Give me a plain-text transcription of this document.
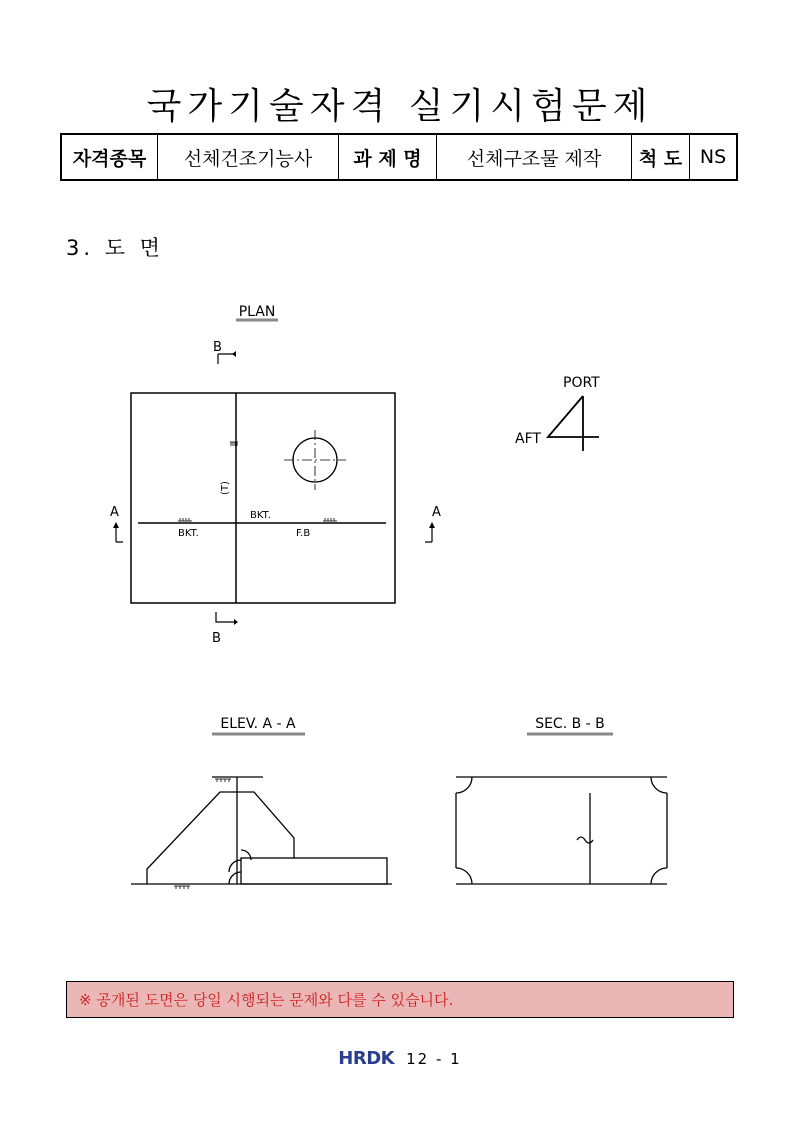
국가기술자격 실기시험문제
자격종목	선체건조기능사	과 제 명	선체구조물 제작	척 도 NS
3. 도 면
PLAN
B
(T)
BKT.
BKT.	F.B
A	A
B
PORT
AFT
ELEV. A - A	SEC. B - B
※ 공개된 도면은 당일 시행되는 문제와 다를 수 있습니다.
HRDK 12 - 1
